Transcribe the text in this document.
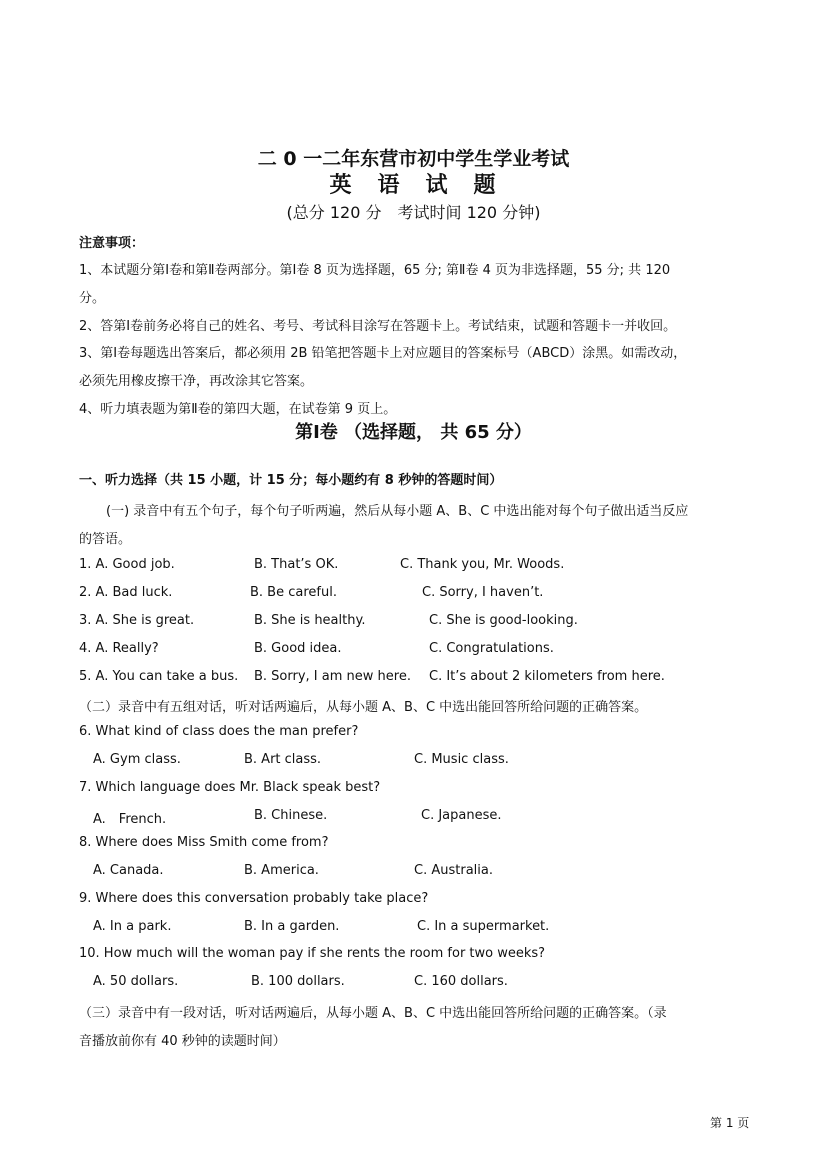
二 0 一二年东营市初中学生学业考试
英　语　试　题
(总分 120 分　考试时间 120 分钟)
注意事项：
1、本试题分第Ⅰ卷和第Ⅱ卷两部分。第Ⅰ卷 8 页为选择题，65 分; 第Ⅱ卷 4 页为非选择题，55 分; 共 120
分。
2、答第Ⅰ卷前务必将自己的姓名、考号、考试科目涂写在答题卡上。考试结束，试题和答题卡一并收回。
3、第Ⅰ卷每题选出答案后，都必须用 2B 铅笔把答题卡上对应题目的答案标号（ABCD）涂黑。如需改动，
必须先用橡皮擦干净，再改涂其它答案。
4、听力填表题为第Ⅱ卷的第四大题，在试卷第 9 页上。
第Ⅰ卷 （选择题， 共 65 分）
一、听力选择（共 15 小题，计 15 分；每小题约有 8 秒钟的答题时间）
(一) 录音中有五个句子，每个句子听两遍，然后从每小题 A、B、C 中选出能对每个句子做出适当反应
的答语。
1. A. Good job.	B. That’s OK.	C. Thank you, Mr. Woods.
2. A. Bad luck.	B. Be careful.	C. Sorry, I haven’t.
3. A. She is great.	B. She is healthy.	C. She is good-looking.
4. A. Really?	B. Good idea.	C. Congratulations.
5. A. You can take a bus. B. Sorry, I am new here. C. It’s about 2 kilometers from here.
（二）录音中有五组对话，听对话两遍后，从每小题 A、B、C 中选出能回答所给问题的正确答案。
6. What kind of class does the man prefer?
A. Gym class.	B. Art class.	C. Music class.
7. Which language does Mr. Black speak best?
A.　French.	B. Chinese.	C. Japanese.
8. Where does Miss Smith come from?
A. Canada.	B. America.	C. Australia.
9. Where does this conversation probably take place?
A. In a park.	B. In a garden.	C. In a supermarket.
10. How much will the woman pay if she rents the room for two weeks?
A. 50 dollars.	B. 100 dollars.	C. 160 dollars.
（三）录音中有一段对话，听对话两遍后，从每小题 A、B、C 中选出能回答所给问题的正确答案。（录
音播放前你有 40 秒钟的读题时间）
第 1 页
